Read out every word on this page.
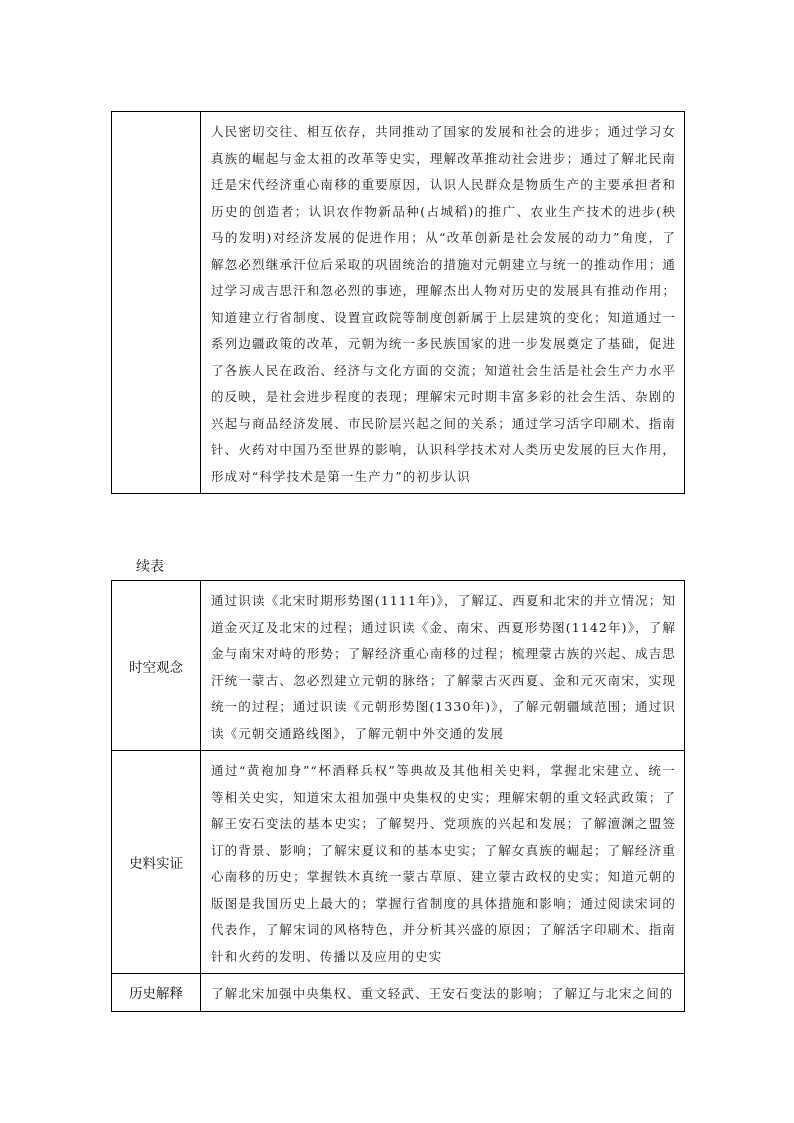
	人民密切交往、相互依存，共同推动了国家的发展和社会的进步；通过学习女真族的崛起与金太祖的改革等史实，理解改革推动社会进步；通过了解北民南迁是宋代经济重心南移的重要原因，认识人民群众是物质生产的主要承担者和历史的创造者；认识农作物新品种(占城稻)的推广、农业生产技术的进步(秧马的发明)对经济发展的促进作用；从“改革创新是社会发展的动力”角度，了解忽必烈继承汗位后采取的巩固统治的措施对元朝建立与统一的推动作用；通过学习成吉思汗和忽必烈的事迹，理解杰出人物对历史的发展具有推动作用；知道建立行省制度、设置宣政院等制度创新属于上层建筑的变化；知道通过一系列边疆政策的改革，元朝为统一多民族国家的进一步发展奠定了基础，促进了各族人民在政治、经济与文化方面的交流；知道社会生活是社会生产力水平的反映，是社会进步程度的表现；理解宋元时期丰富多彩的社会生活、杂剧的兴起与商品经济发展、市民阶层兴起之间的关系；通过学习活字印刷术、指南针、火药对中国乃至世界的影响，认识科学技术对人类历史发展的巨大作用，形成对“科学技术是第一生产力”的初步认识
续表
时空观念	通过识读《北宋时期形势图(1111年)》，了解辽、西夏和北宋的并立情况；知道金灭辽及北宋的过程；通过识读《金、南宋、西夏形势图(1142年)》，了解金与南宋对峙的形势；了解经济重心南移的过程；梳理蒙古族的兴起、成吉思汗统一蒙古、忽必烈建立元朝的脉络；了解蒙古灭西夏、金和元灭南宋，实现统一的过程；通过识读《元朝形势图(1330年)》，了解元朝疆域范围；通过识读《元朝交通路线图》，了解元朝中外交通的发展
史料实证	通过“黄袍加身”“杯酒释兵权”等典故及其他相关史料，掌握北宋建立、统一等相关史实，知道宋太祖加强中央集权的史实；理解宋朝的重文轻武政策；了解王安石变法的基本史实；了解契丹、党项族的兴起和发展；了解澶渊之盟签订的背景、影响；了解宋夏议和的基本史实；了解女真族的崛起；了解经济重心南移的历史；掌握铁木真统一蒙古草原、建立蒙古政权的史实；知道元朝的版图是我国历史上最大的；掌握行省制度的具体措施和影响；通过阅读宋词的代表作，了解宋词的风格特色，并分析其兴盛的原因；了解活字印刷术、指南针和火药的发明、传播以及应用的史实
历史解释	了解北宋加强中央集权、重文轻武、王安石变法的影响；了解辽与北宋之间的
